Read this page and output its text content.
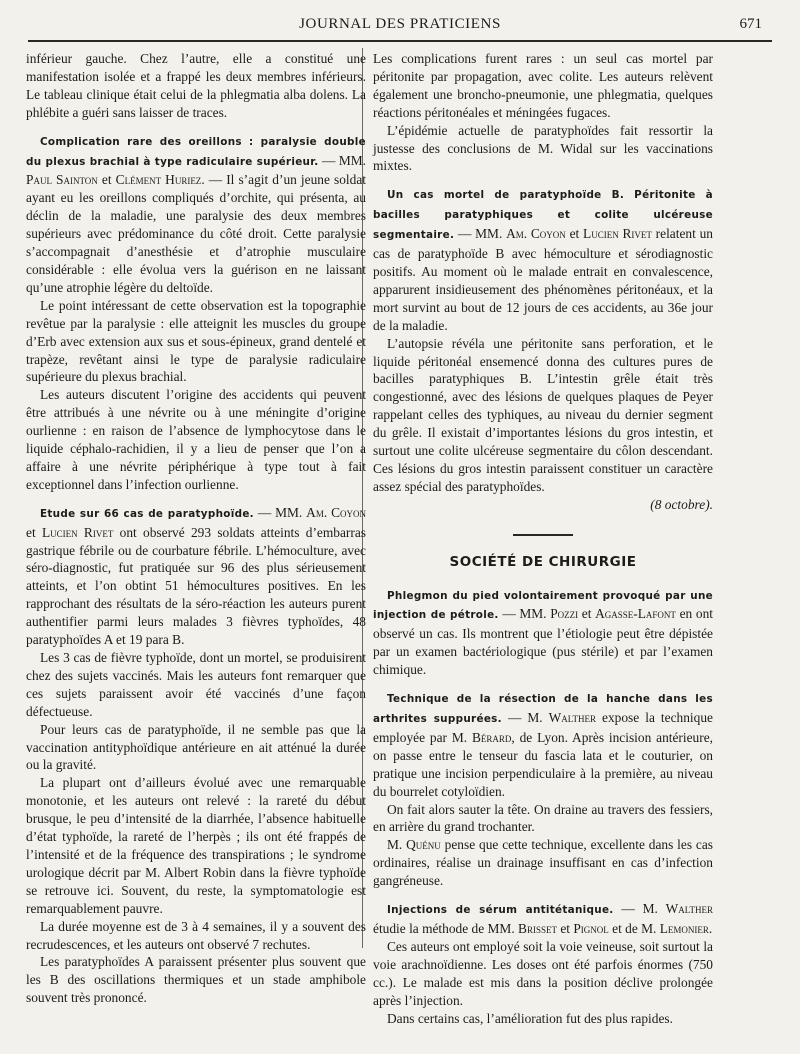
JOURNAL DES PRATICIENS	671

inférieur gauche. Chez l’autre, elle a constitué une manifestation isolée et a frappé les deux membres inférieurs. Le tableau clinique était celui de la phlegmatia alba dolens. La phlébite a guéri sans laisser de traces.

Complication rare des oreillons : paralysie double du plexus brachial à type radiculaire supérieur. — MM. Paul Sainton et Clément Huriez. — Il s’agit d’un jeune soldat ayant eu les oreillons compliqués d’orchite, qui présenta, au déclin de la maladie, une paralysie des deux membres supérieurs avec prédominance du côté droit. Cette paralysie s’accompagnait d’anesthésie et d’atrophie musculaire considérable : elle évolua vers la guérison en ne laissant qu’une atrophie légère du deltoïde.

Le point intéressant de cette observation est la topographie revêtue par la paralysie : elle atteignit les muscles du groupe d’Erb avec extension aux sus et sous-épineux, grand dentelé et trapèze, revêtant ainsi le type de paralysie radiculaire supérieure du plexus brachial.

Les auteurs discutent l’origine des accidents qui peuvent être attribués à une névrite ou à une méningite d’origine ourlienne : en raison de l’absence de lymphocytose dans le liquide céphalo-rachidien, il y a lieu de penser que l’on a affaire à une névrite périphérique à type tout à fait exceptionnel dans l’infection ourlienne.

Etude sur 66 cas de paratyphoïde. — MM. Am. Coyon et Lucien Rivet ont observé 293 soldats atteints d’embarras gastrique fébrile ou de courbature fébrile. L’hémoculture, avec séro-diagnostic, fut pratiquée sur 96 des plus sérieusement atteints, et l’on obtint 51 hémocultures positives. En les rapprochant des résultats de la séro-réaction les auteurs purent authentifier parmi leurs malades 3 fièvres typhoïdes, 48 paratyphoïdes A et 19 para B.

Les 3 cas de fièvre typhoïde, dont un mortel, se produisirent chez des sujets vaccinés. Mais les auteurs font remarquer que ces sujets paraissent avoir été vaccinés d’une façon défectueuse.

Pour leurs cas de paratyphoïde, il ne semble pas que la vaccination antityphoïdique antérieure en ait atténué la durée ou la gravité.

La plupart ont d’ailleurs évolué avec une remarquable monotonie, et les auteurs ont relevé : la rareté du début brusque, le peu d’intensité de la diarrhée, l’absence habituelle d’état typhoïde, la rareté de l’herpès ; ils ont été frappés de l’intensité et de la fréquence des transpirations ; le syndrome urologique décrit par M. Albert Robin dans la fièvre typhoïde se retrouve ici. Souvent, du reste, la symptomatologie est remarquablement pauvre.

La durée moyenne est de 3 à 4 semaines, il y a souvent des recrudescences, et les auteurs ont observé 7 rechutes.

Les paratyphoïdes A paraissent présenter plus souvent que les B des oscillations thermiques et un stade amphibole souvent très prononcé.

Les complications furent rares : un seul cas mortel par péritonite par propagation, avec colite. Les auteurs relèvent également une broncho-pneumonie, une phlegmatia, quelques réactions péritonéales et méningées fugaces.

L’épidémie actuelle de paratyphoïdes fait ressortir la justesse des conclusions de M. Widal sur les vaccinations mixtes.

Un cas mortel de paratyphoïde B. Péritonite à bacilles paratyphiques et colite ulcéreuse segmentaire. — MM. Am. Coyon et Lucien Rivet relatent un cas de paratyphoïde B avec hémoculture et sérodiagnostic positifs. Au moment où le malade entrait en convalescence, apparurent insidieusement des phénomènes péritonéaux, et la mort survint au bout de 12 jours de ces accidents, au 36e jour de la maladie.

L’autopsie révéla une péritonite sans perforation, et le liquide péritonéal ensemencé donna des cultures pures de bacilles paratyphiques B. L’intestin grêle était très congestionné, avec des lésions de quelques plaques de Peyer rappelant celles des typhiques, au niveau du dernier segment du grêle. Il existait d’importantes lésions du gros intestin, et surtout une colite ulcéreuse segmentaire du côlon descendant. Ces lésions du gros intestin paraissent constituer un caractère assez spécial des paratyphoïdes.

(8 octobre).

SOCIÉTÉ DE CHIRURGIE

Phlegmon du pied volontairement provoqué par une injection de pétrole. — MM. Pozzi et Agasse-Lafont en ont observé un cas. Ils montrent que l’étiologie peut être dépistée par un examen bactériologique (pus stérile) et par l’examen chimique.

Technique de la résection de la hanche dans les arthrites suppurées. — M. Walther expose la technique employée par M. Bérard, de Lyon. Après incision antérieure, on passe entre le tenseur du fascia lata et le couturier, on pratique une incision perpendiculaire à la première, au niveau du bourrelet cotyloïdien.

On fait alors sauter la tête. On draine au travers des fessiers, en arrière du grand trochanter.

M. Quénu pense que cette technique, excellente dans les cas ordinaires, réalise un drainage insuffisant en cas d’infection gangréneuse.

Injections de sérum antitétanique. — M. Walther étudie la méthode de MM. Brisset et Pignol et de M. Lemonier.

Ces auteurs ont employé soit la voie veineuse, soit surtout la voie arachnoïdienne. Les doses ont été parfois énormes (750 cc.). Le malade est mis dans la position déclive prolongée après l’injection.

Dans certains cas, l’amélioration fut des plus rapides.
